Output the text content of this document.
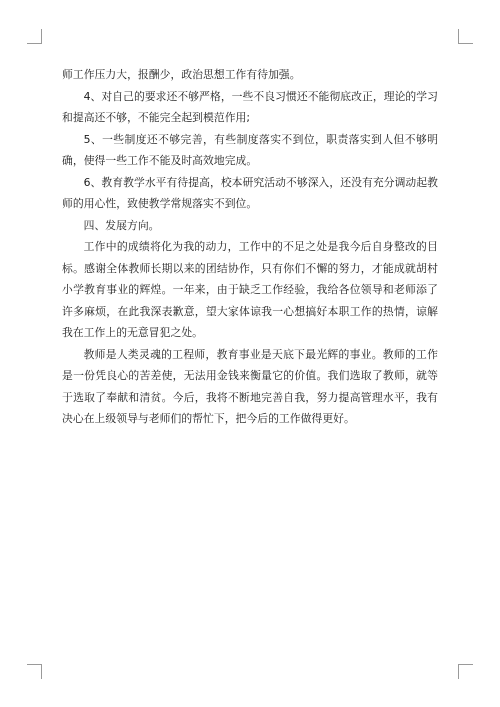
师工作压力大，报酬少，政治思想工作有待加强。

4、对自己的要求还不够严格，一些不良习惯还不能彻底改正，理论的学习和提高还不够，不能完全起到模范作用;

5、一些制度还不够完善，有些制度落实不到位，职责落实到人但不够明确，使得一些工作不能及时高效地完成。

6、教育教学水平有待提高，校本研究活动不够深入，还没有充分调动起教师的用心性，致使教学常规落实不到位。

四、发展方向。

工作中的成绩将化为我的动力，工作中的不足之处是我今后自身整改的目标。感谢全体教师长期以来的团结协作，只有你们不懈的努力，才能成就胡村小学教育事业的辉煌。一年来，由于缺乏工作经验，我给各位领导和老师添了许多麻烦，在此我深表歉意，望大家体谅我一心想搞好本职工作的热情，谅解我在工作上的无意冒犯之处。

教师是人类灵魂的工程师，教育事业是天底下最光辉的事业。教师的工作是一份凭良心的苦差使，无法用金钱来衡量它的价值。我们选取了教师，就等于选取了奉献和清贫。今后，我将不断地完善自我，努力提高管理水平，我有决心在上级领导与老师们的帮忙下，把今后的工作做得更好。
